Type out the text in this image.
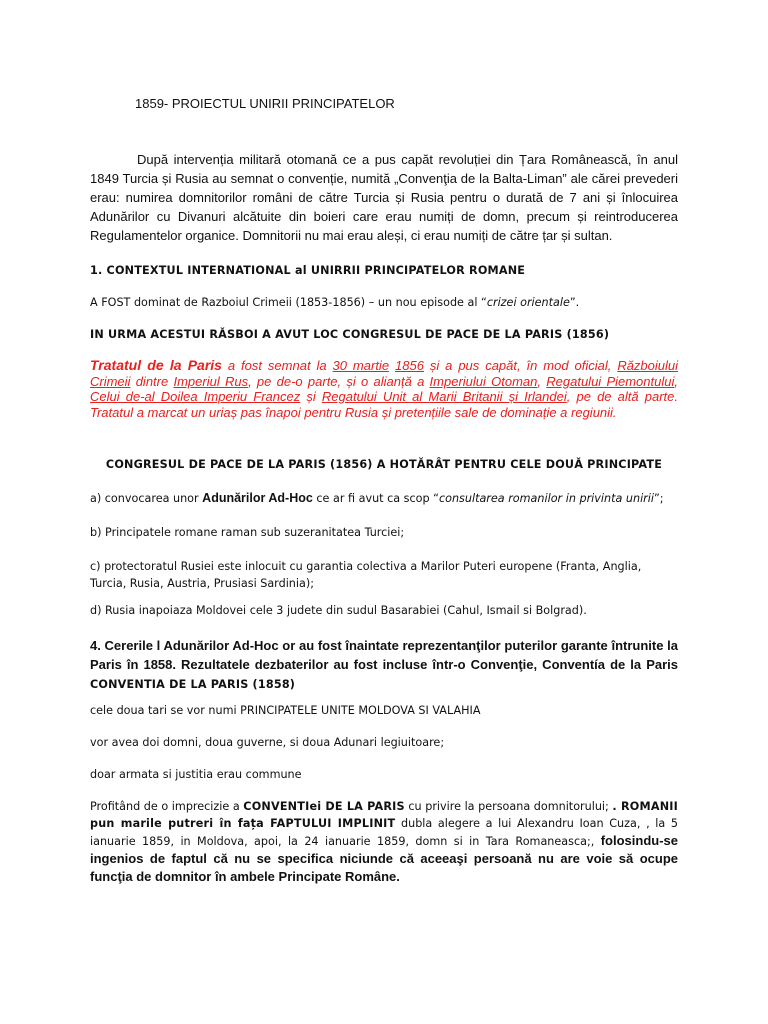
1859- PROIECTUL UNIRII PRINCIPATELOR

După intervenția militară otomană ce a pus capăt revoluției din Țara Românească, în anul 1849 Turcia și Rusia au semnat o convenție, numită „Convenţia de la Balta-Liman” ale cărei prevederi erau: numirea domnitorilor români de către Turcia și Rusia pentru o durată de 7 ani și înlocuirea Adunărilor cu Divanuri alcătuite din boieri care erau numiți de domn, precum și reintroducerea Regulamentelor organice. Domnitorii nu mai erau aleși, ci erau numiți de către țar și sultan.

1. CONTEXTUL INTERNATIONAL al UNIRRII PRINCIPATELOR ROMANE

A FOST dominat de Razboiul Crimeii (1853-1856) – un nou episode al “crizei orientale”.

IN URMA ACESTUI RĂSBOI A AVUT LOC CONGRESUL DE PACE DE LA PARIS (1856)

Tratatul de la Paris a fost semnat la 30 martie 1856 și a pus capăt, în mod oficial, Războiului Crimeii dintre Imperiul Rus, pe de-o parte, și o alianță a Imperiului Otoman, Regatului Piemontului, Celui de-al Doilea Imperiu Francez și Regatului Unit al Marii Britanii și Irlandei, pe de altă parte. Tratatul a marcat un uriaș pas înapoi pentru Rusia și pretențiile sale de dominație a regiunii.

CONGRESUL DE PACE DE LA PARIS (1856) A HOTĂRÂT PENTRU CELE DOUĂ PRINCIPATE

a) convocarea unor Adunărilor Ad-Hoc ce ar fi avut ca scop “consultarea romanilor in privinta unirii”;

b) Principatele romane raman sub suzeranitatea Turciei;

c) protectoratul Rusiei este inlocuit cu garantia colectiva a Marilor Puteri europene (Franta, Anglia, Turcia, Rusia, Austria, Prusiasi Sardinia);

d) Rusia inapoiaza Moldovei cele 3 judete din sudul Basarabiei (Cahul, Ismail si Bolgrad).

4. Cererile l Adunărilor Ad-Hoc or au fost înaintate reprezentanţilor puterilor garante întrunite la Paris în 1858. Rezultatele dezbaterilor au fost incluse într-o Convenţie, Conventía de la Paris CONVENTIA DE LA PARIS (1858)

cele doua tari se vor numi PRINCIPATELE UNITE MOLDOVA SI VALAHIA

vor avea doi domni, doua guverne, si doua Adunari legiuitoare;

doar armata si justitia erau commune

Profitând de o imprecizie a CONVENTIei DE LA PARIS cu privire la persoana domnitorului; . ROMANII pun marile putreri în fața FAPTULUI IMPLINIT dubla alegere a lui Alexandru Ioan Cuza, , la 5 ianuarie 1859, in Moldova, apoi, la 24 ianuarie 1859, domn si in Tara Romaneasca;, folosindu-se ingenios de faptul că nu se specifica niciunde că aceeaşi persoană nu are voie să ocupe funcţia de domnitor în ambele Principate Române.
